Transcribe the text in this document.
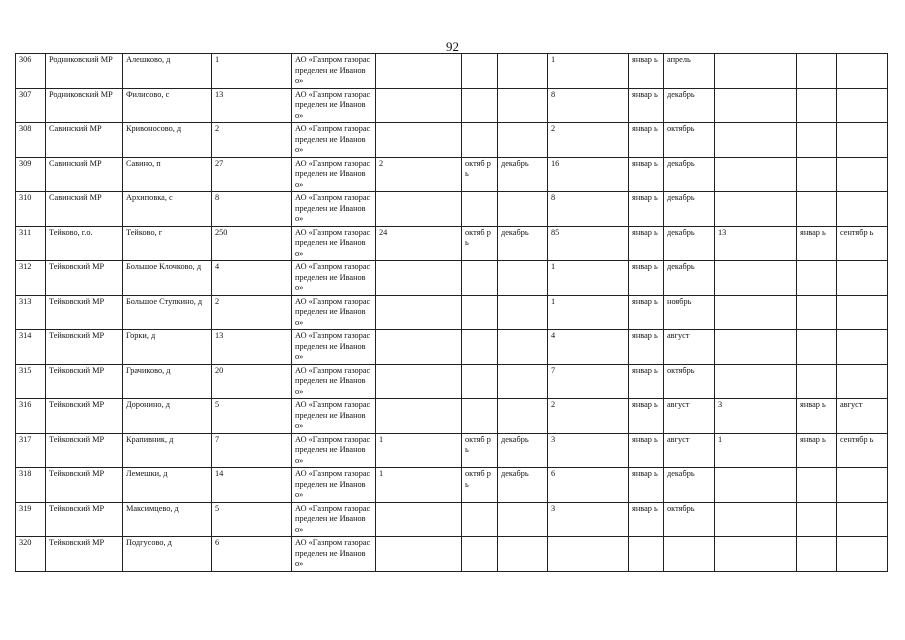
92
306	Родниковский МР	Алешково, д	1	АО «Газпром газораспределен ие Иваново»				1	январ ь	апрель			
307	Родниковский МР	Филисово, с	13	АО «Газпром газораспределен ие Иваново»				8	январ ь	декабрь			
308	Савинский МР	Кривоносово, д	2	АО «Газпром газораспределен ие Иваново»				2	январ ь	октябрь			
309	Савинский МР	Савино, п	27	АО «Газпром газораспределен ие Иваново»	2	октяб рь	декабрь	16	январ ь	декабрь			
310	Савинский МР	Архиповка, с	8	АО «Газпром газораспределен ие Иваново»				8	январ ь	декабрь			
311	Тейково, г.о.	Тейково, г	250	АО «Газпром газораспределен ие Иваново»	24	октяб рь	декабрь	85	январ ь	декабрь	13	январ ь	сентябр ь
312	Тейковский МР	Большое Клочково, д	4	АО «Газпром газораспределен ие Иваново»				1	январ ь	декабрь			
313	Тейковский МР	Большое Ступкино, д	2	АО «Газпром газораспределен ие Иваново»				1	январ ь	ноябрь			
314	Тейковский МР	Горки, д	13	АО «Газпром газораспределен ие Иваново»				4	январ ь	август			
315	Тейковский МР	Грачиково, д	20	АО «Газпром газораспределен ие Иваново»				7	январ ь	октябрь			
316	Тейковский МР	Доронино, д	5	АО «Газпром газораспределен ие Иваново»				2	январ ь	август	3	январ ь	август
317	Тейковский МР	Крапивник, д	7	АО «Газпром газораспределен ие Иваново»	1	октяб рь	декабрь	3	январ ь	август	1	январ ь	сентябр ь
318	Тейковский МР	Лемешки, д	14	АО «Газпром газораспределен ие Иваново»	1	октяб рь	декабрь	6	январ ь	декабрь			
319	Тейковский МР	Максимцево, д	5	АО «Газпром газораспределен ие Иваново»				3	январ ь	октябрь			
320	Тейковский МР	Подгусово, д	6	АО «Газпром газораспределен ие Иваново»									
